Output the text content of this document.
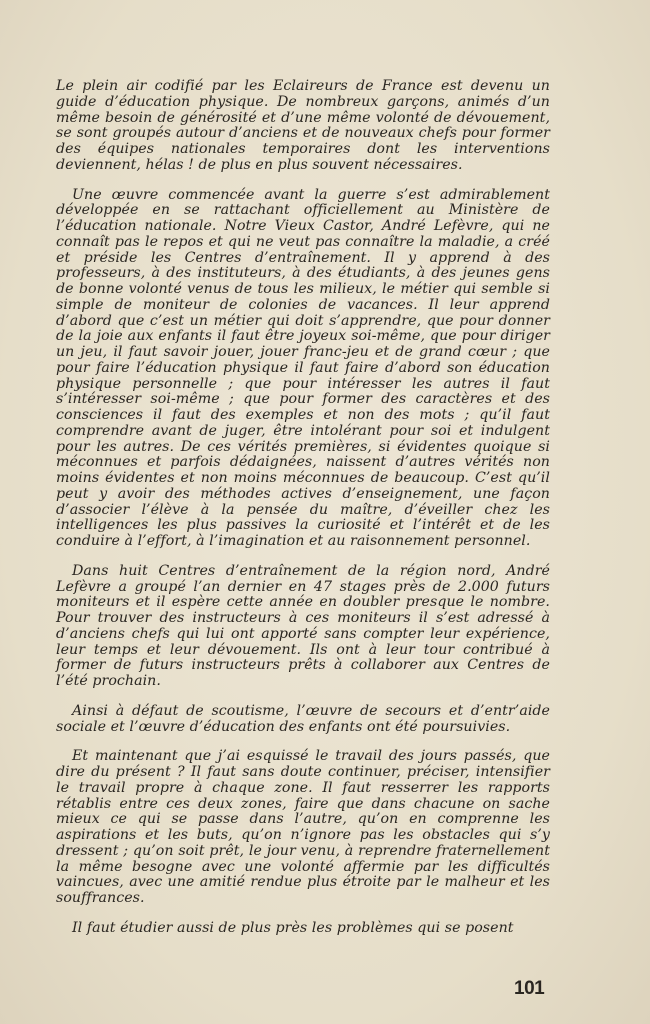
Le plein air codifié par les Eclaireurs de France est devenu un guide d’éducation physique. De nombreux garçons, animés d’un même besoin de générosité et d’une même volonté de dévouement, se sont groupés autour d’anciens et de nouveaux chefs pour former des équipes nationales temporaires dont les interventions deviennent, hélas ! de plus en plus souvent nécessaires.

Une œuvre commencée avant la guerre s’est admirablement développée en se rattachant officiellement au Ministère de l’éducation nationale. Notre Vieux Castor, André Lefèvre, qui ne connaît pas le repos et qui ne veut pas connaître la maladie, a créé et préside les Centres d’entraînement. Il y apprend à des professeurs, à des instituteurs, à des étudiants, à des jeunes gens de bonne volonté venus de tous les milieux, le métier qui semble si simple de moniteur de colonies de vacances. Il leur apprend d’abord que c’est un métier qui doit s’apprendre, que pour donner de la joie aux enfants il faut être joyeux soi-même, que pour diriger un jeu, il faut savoir jouer, jouer franc-jeu et de grand cœur ; que pour faire l’éducation physique il faut faire d’abord son éducation physique personnelle ; que pour intéresser les autres il faut s’intéresser soi-même ; que pour former des caractères et des consciences il faut des exemples et non des mots ; qu’il faut comprendre avant de juger, être intolérant pour soi et indulgent pour les autres. De ces vérités premières, si évidentes quoique si méconnues et parfois dédaignées, naissent d’autres vérités non moins évidentes et non moins méconnues de beaucoup. C’est qu’il peut y avoir des méthodes actives d’enseignement, une façon d’associer l’élève à la pensée du maître, d’éveiller chez les intelligences les plus passives la curiosité et l’intérêt et de les conduire à l’effort, à l’imagination et au raisonnement personnel.

Dans huit Centres d’entraînement de la région nord, André Lefèvre a groupé l’an dernier en 47 stages près de 2.000 futurs moniteurs et il espère cette année en doubler presque le nombre. Pour trouver des instructeurs à ces moniteurs il s’est adressé à d’anciens chefs qui lui ont apporté sans compter leur expérience, leur temps et leur dévouement. Ils ont à leur tour contribué à former de futurs instructeurs prêts à collaborer aux Centres de l’été prochain.

Ainsi à défaut de scoutisme, l’œuvre de secours et d’entr’aide sociale et l’œuvre d’éducation des enfants ont été poursuivies.

Et maintenant que j’ai esquissé le travail des jours passés, que dire du présent ? Il faut sans doute continuer, préciser, intensifier le travail propre à chaque zone. Il faut resserrer les rapports rétablis entre ces deux zones, faire que dans chacune on sache mieux ce qui se passe dans l’autre, qu’on en comprenne les aspirations et les buts, qu’on n’ignore pas les obstacles qui s’y dressent ; qu’on soit prêt, le jour venu, à reprendre fraternellement la même besogne avec une volonté affermie par les difficultés vaincues, avec une amitié rendue plus étroite par le malheur et les souffrances.

Il faut étudier aussi de plus près les problèmes qui se posent

101
